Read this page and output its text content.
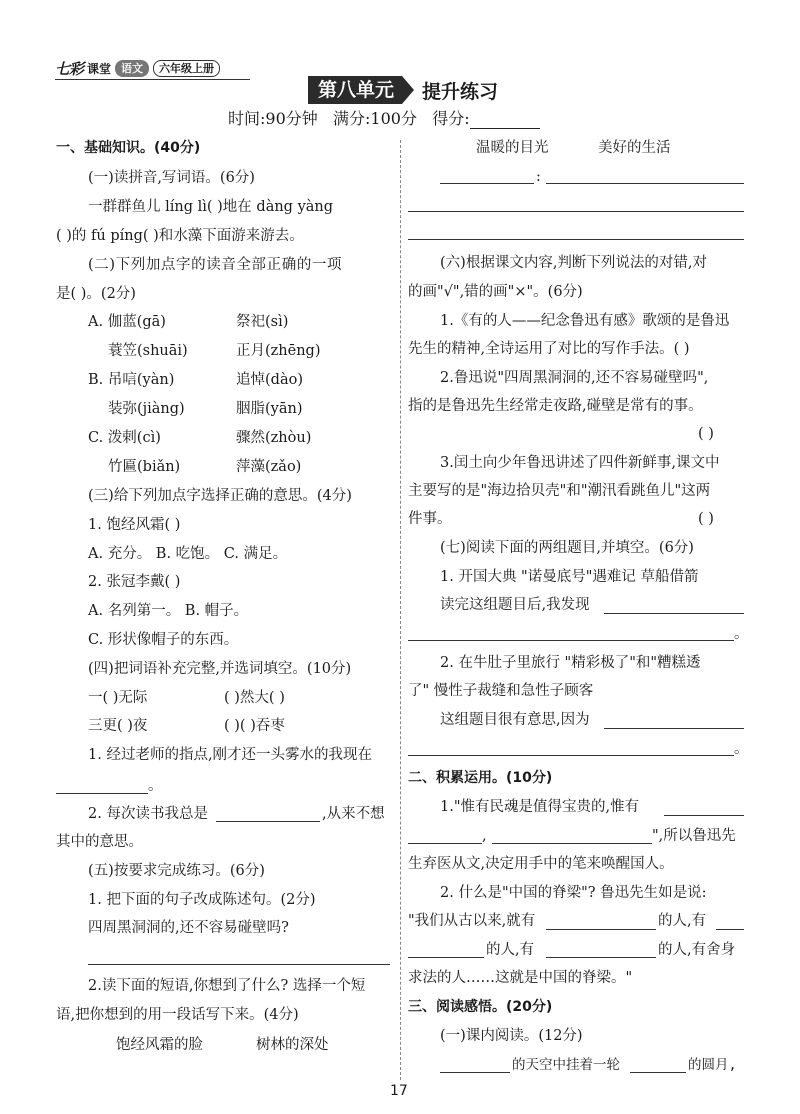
七彩 课堂 语文	六年级上册
第八单元	提升练习
时间:90分钟 满分:100分 得分:
一、基础知识。(40分)
(一)读拼音,写词语。(6分)
一群群鱼儿 líng lì( )地在 dàng yàng
( )的 fú píng( )和水藻下面游来游去。
(二)下列加点字的读音全部正确的一项
是( )。(2分)
A. 伽蓝(gā)	祭祀(sì)
蓑笠(shuāi)	正月(zhēng)
B. 吊唁(yàn)	追悼(dào)
装弥(jiàng)	胭脂(yān)
C. 泼剌(cì)	骤然(zhòu)
竹匾(biǎn)	萍藻(zǎo)
(三)给下列加点字选择正确的意思。(4分)
1. 饱经风霜( )
A. 充分。 B. 吃饱。 C. 满足。
2. 张冠李戴( )
A. 名列第一。 B. 帽子。
C. 形状像帽子的东西。
(四)把词语补充完整,并选词填空。(10分)
一( )无际	( )然大( )
三更( )夜	( )( )吞枣
1. 经过老师的指点,刚才还一头雾水的我现在
。
2. 每次读书我总是	,从来不想
其中的意思。
(五)按要求完成练习。(6分)
1. 把下面的句子改成陈述句。(2分)
四周黑洞洞的,还不容易碰壁吗?
2.读下面的短语,你想到了什么? 选择一个短
语,把你想到的用一段话写下来。(4分)
饱经风霜的脸	树林的深处
温暖的目光	美好的生活
:
(六)根据课文内容,判断下列说法的对错,对
的画"√",错的画"×"。(6分)
1.《有的人——纪念鲁迅有感》歌颂的是鲁迅
先生的精神,全诗运用了对比的写作手法。( )
2.鲁迅说"四周黑洞洞的,还不容易碰壁吗",
指的是鲁迅先生经常走夜路,碰壁是常有的事。
( )
3.闰土向少年鲁迅讲述了四件新鲜事,课文中
主要写的是"海边拾贝壳"和"潮汛看跳鱼儿"这两
件事。	( )
(七)阅读下面的两组题目,并填空。(6分)
1. 开国大典 "诺曼底号"遇难记 草船借箭
读完这组题目后,我发现
。
2. 在牛肚子里旅行 "精彩极了"和"糟糕透
了" 慢性子裁缝和急性子顾客
这组题目很有意思,因为
。
二、积累运用。(10分)
1."惟有民魂是值得宝贵的,惟有
,	",所以鲁迅先
生弃医从文,决定用手中的笔来唤醒国人。
2. 什么是"中国的脊梁"? 鲁迅先生如是说:
"我们从古以来,就有	的人,有
的人,有	的人,有舍身
求法的人……这就是中国的脊梁。"
三、阅读感悟。(20分)
(一)课内阅读。(12分)
的天空中挂着一轮	的圆月,
17
